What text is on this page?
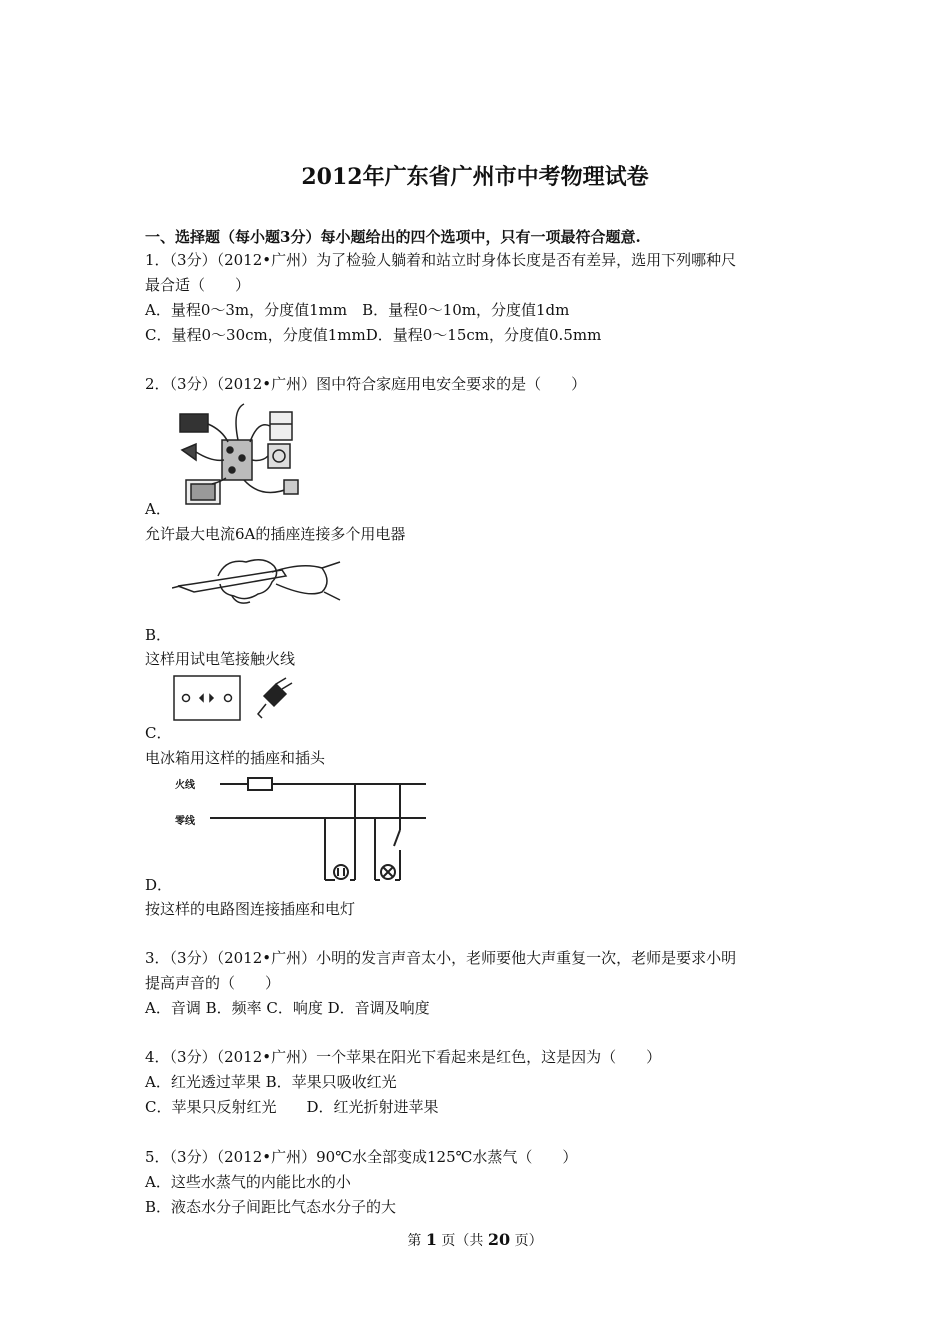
2012年广东省广州市中考物理试卷
一、选择题（每小题3分）每小题给出的四个选项中，只有一项最符合题意.
1．（3分）（2012•广州）为了检验人躺着和站立时身体长度是否有差异，选用下列哪种尺
最合适（　　）
A．量程0～3m，分度值1mm　B．量程0～10m，分度值1dm
C．量程0～30cm，分度值1mmD．量程0～15cm，分度值0.5mm
2．（3分）（2012•广州）图中符合家庭用电安全要求的是（　　）
A．
允许最大电流6A的插座连接多个用电器
B．
这样用试电笔接触火线
C．
电冰箱用这样的插座和插头
火线
零线
D．
按这样的电路图连接插座和电灯
3．（3分）（2012•广州）小明的发言声音太小，老师要他大声重复一次，老师是要求小明
提高声音的（　　）
A．音调 B．频率 C．响度 D．音调及响度
4．（3分）（2012•广州）一个苹果在阳光下看起来是红色，这是因为（　　）
A．红光透过苹果 B．苹果只吸收红光
C．苹果只反射红光　　D．红光折射进苹果
5．（3分）（2012•广州）90℃水全部变成125℃水蒸气（　　）
A．这些水蒸气的内能比水的小
B．液态水分子间距比气态水分子的大
第 1 页（共 20 页）
